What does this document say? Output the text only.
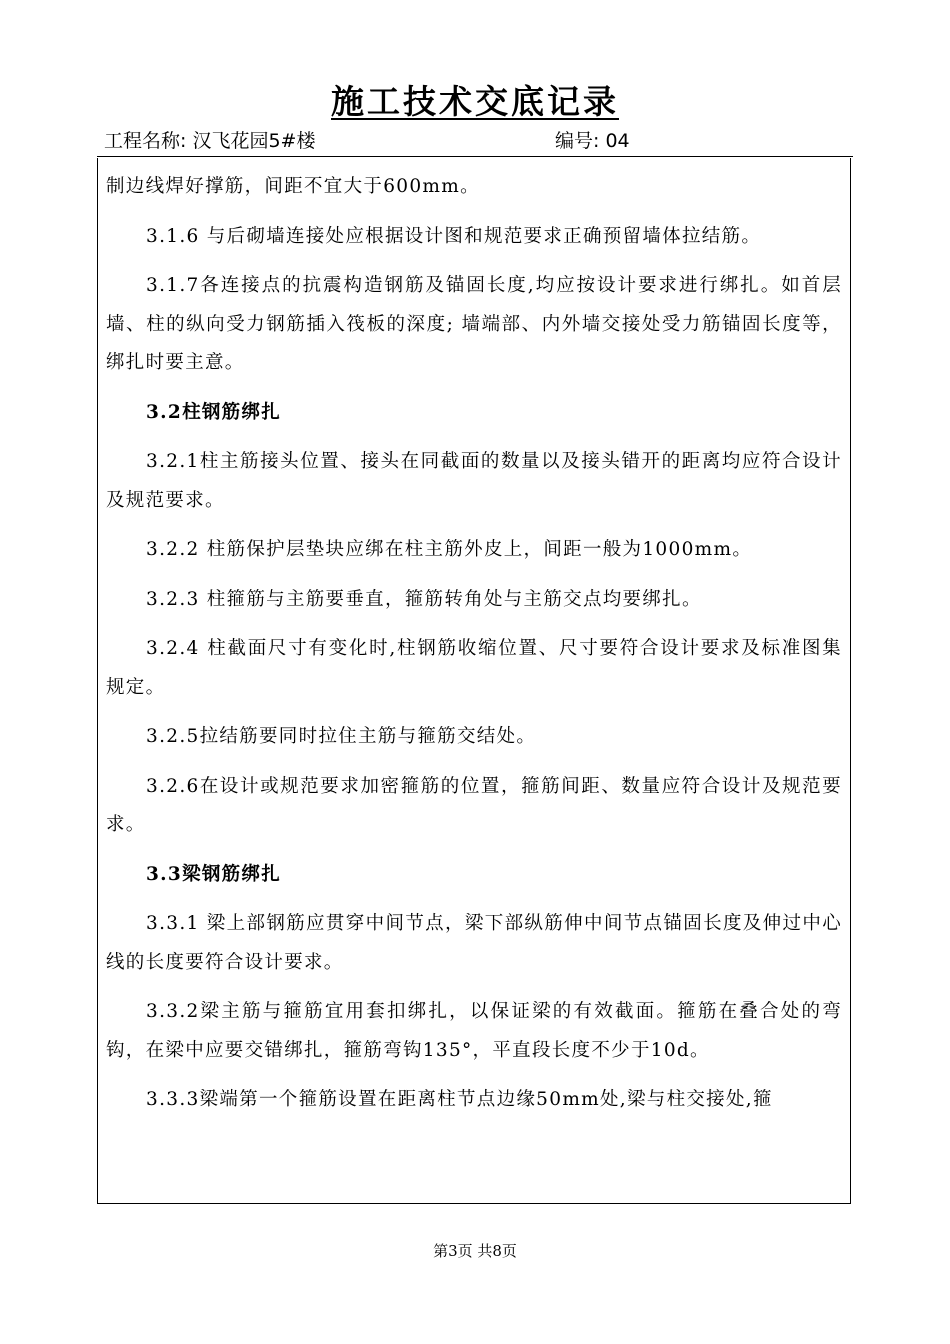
施工技术交底记录
工程名称: 汉飞花园5#楼	编号: 04

制边线焊好撑筋，间距不宜大于600mm。

3.1.6 与后砌墙连接处应根据设计图和规范要求正确预留墙体拉结筋。

3.1.7各连接点的抗震构造钢筋及锚固长度,均应按设计要求进行绑扎。如首层墙、柱的纵向受力钢筋插入筏板的深度; 墙端部、内外墙交接处受力筋锚固长度等，绑扎时要主意。

3.2柱钢筋绑扎

3.2.1柱主筋接头位置、接头在同截面的数量以及接头错开的距离均应符合设计及规范要求。

3.2.2 柱筋保护层垫块应绑在柱主筋外皮上，间距一般为1000mm。

3.2.3 柱箍筋与主筋要垂直，箍筋转角处与主筋交点均要绑扎。

3.2.4 柱截面尺寸有变化时,柱钢筋收缩位置、尺寸要符合设计要求及标准图集规定。

3.2.5拉结筋要同时拉住主筋与箍筋交结处。

3.2.6在设计或规范要求加密箍筋的位置，箍筋间距、数量应符合设计及规范要求。

3.3梁钢筋绑扎

3.3.1 梁上部钢筋应贯穿中间节点，梁下部纵筋伸中间节点锚固长度及伸过中心线的长度要符合设计要求。

3.3.2梁主筋与箍筋宜用套扣绑扎，以保证梁的有效截面。箍筋在叠合处的弯钩，在梁中应要交错绑扎，箍筋弯钩135°，平直段长度不少于10d。

3.3.3梁端第一个箍筋设置在距离柱节点边缘50mm处,梁与柱交接处,箍

第3页 共8页
